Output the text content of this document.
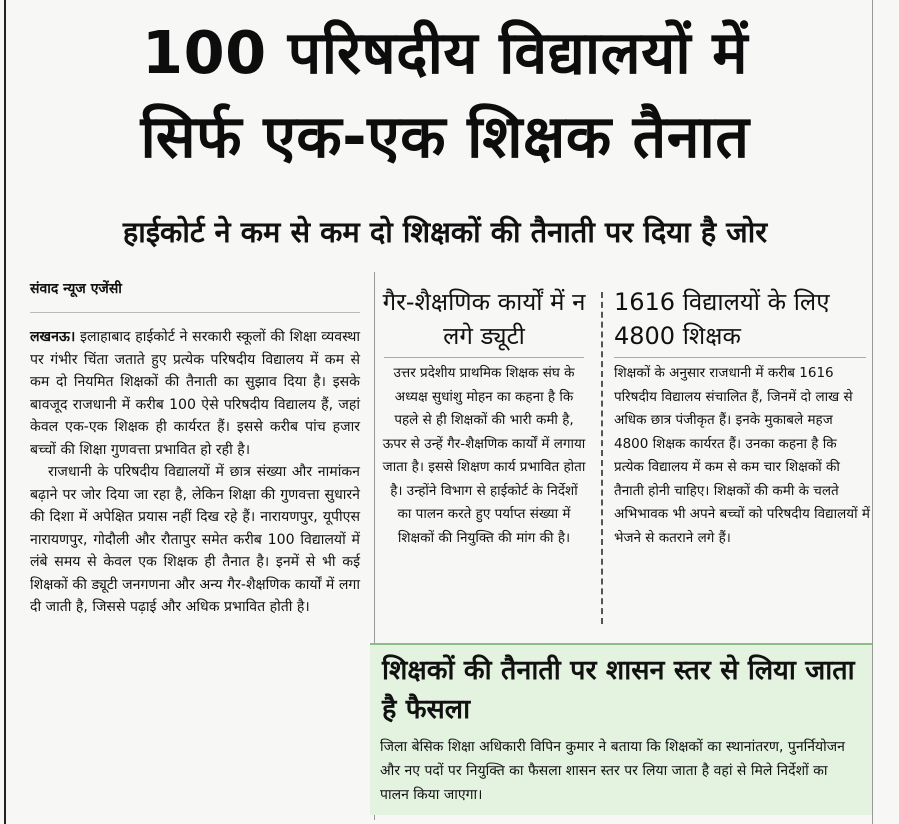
100 परिषदीय विद्यालयों में
सिर्फ एक-एक शिक्षक तैनात
हाईकोर्ट ने कम से कम दो शिक्षकों की तैनाती पर दिया है जोर
संवाद न्यूज एजेंसी

लखनऊ। इलाहाबाद हाईकोर्ट ने सरकारी स्कूलों की शिक्षा व्यवस्था पर गंभीर चिंता जताते हुए प्रत्येक परिषदीय विद्यालय में कम से कम दो नियमित शिक्षकों की तैनाती का सुझाव दिया है। इसके बावजूद राजधानी में करीब 100 ऐसे परिषदीय विद्यालय हैं, जहां केवल एक-एक शिक्षक ही कार्यरत हैं। इससे करीब पांच हजार बच्चों की शिक्षा गुणवत्ता प्रभावित हो रही है।

राजधानी के परिषदीय विद्यालयों में छात्र संख्या और नामांकन बढ़ाने पर जोर दिया जा रहा है, लेकिन शिक्षा की गुणवत्ता सुधारने की दिशा में अपेक्षित प्रयास नहीं दिख रहे हैं। नारायणपुर, यूपीएस नारायणपुर, गोदौली और रौतापुर समेत करीब 100 विद्यालयों में लंबे समय से केवल एक शिक्षक ही तैनात है। इनमें से भी कई शिक्षकों की ड्यूटी जनगणना और अन्य गैर-शैक्षणिक कार्यों में लगा दी जाती है, जिससे पढ़ाई और अधिक प्रभावित होती है।

गैर-शैक्षणिक कार्यों में न लगे ड्यूटी

उत्तर प्रदेशीय प्राथमिक शिक्षक संघ के अध्यक्ष सुधांशु मोहन का कहना है कि पहले से ही शिक्षकों की भारी कमी है, ऊपर से उन्हें गैर-शैक्षणिक कार्यों में लगाया जाता है। इससे शिक्षण कार्य प्रभावित होता है। उन्होंने विभाग से हाईकोर्ट के निर्देशों का पालन करते हुए पर्याप्त संख्या में शिक्षकों की नियुक्ति की मांग की है।

1616 विद्यालयों के लिए 4800 शिक्षक

शिक्षकों के अनुसार राजधानी में करीब 1616 परिषदीय विद्यालय संचालित हैं, जिनमें दो लाख से अधिक छात्र पंजीकृत हैं। इनके मुकाबले महज 4800 शिक्षक कार्यरत हैं। उनका कहना है कि प्रत्येक विद्यालय में कम से कम चार शिक्षकों की तैनाती होनी चाहिए। शिक्षकों की कमी के चलते अभिभावक भी अपने बच्चों को परिषदीय विद्यालयों में भेजने से कतराने लगे हैं।

शिक्षकों की तैनाती पर शासन स्तर से लिया जाता है फैसला

जिला बेसिक शिक्षा अधिकारी विपिन कुमार ने बताया कि शिक्षकों का स्थानांतरण, पुनर्नियोजन और नए पदों पर नियुक्ति का फैसला शासन स्तर पर लिया जाता है वहां से मिले निर्देशों का पालन किया जाएगा।
